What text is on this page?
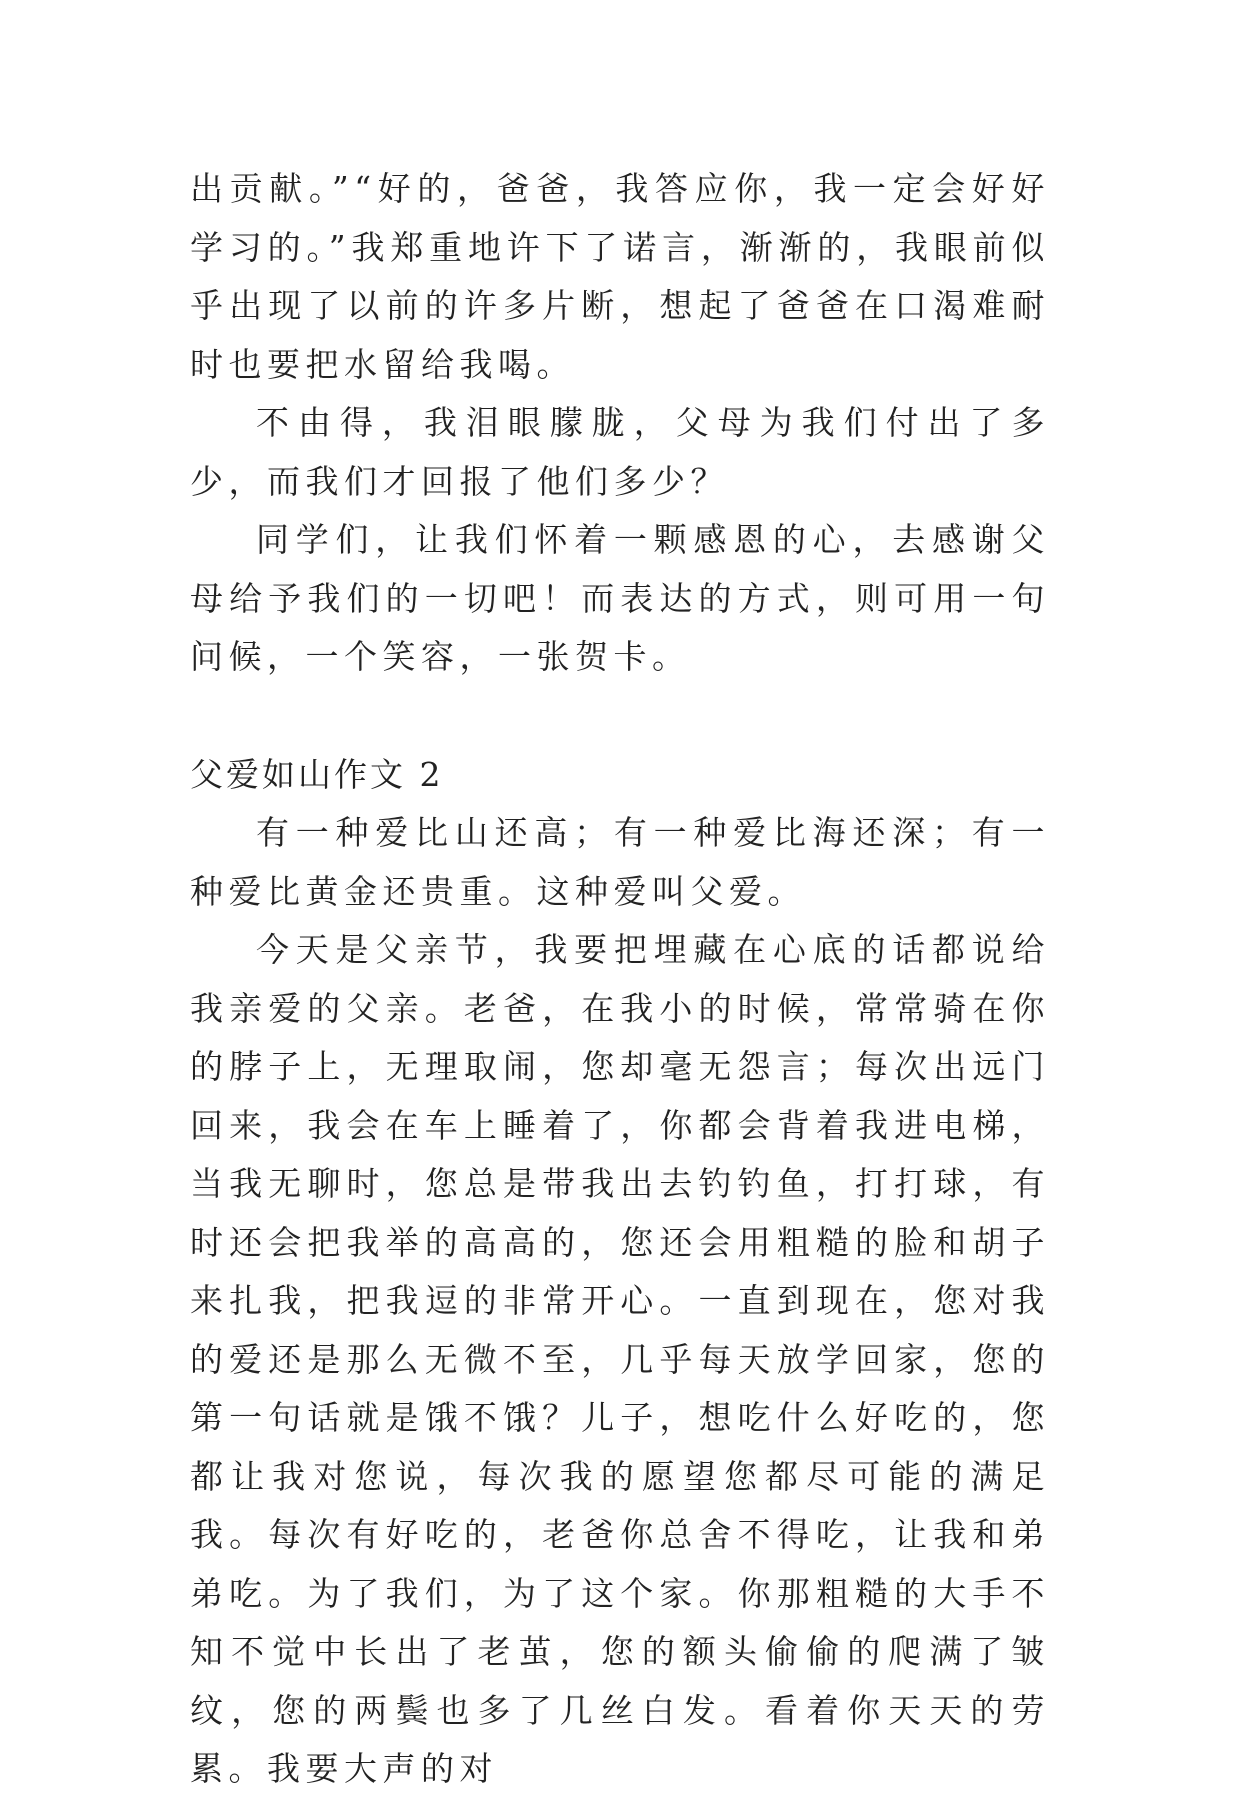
出贡献。”“好的，爸爸，我答应你，我一定会好好学习的。”我郑重地许下了诺言，渐渐的，我眼前似乎出现了以前的许多片断，想起了爸爸在口渴难耐时也要把水留给我喝。

不由得，我泪眼朦胧，父母为我们付出了多少，而我们才回报了他们多少？

同学们，让我们怀着一颗感恩的心，去感谢父母给予我们的一切吧！而表达的方式，则可用一句问候，一个笑容，一张贺卡。

父爱如山作文 2

有一种爱比山还高；有一种爱比海还深；有一种爱比黄金还贵重。这种爱叫父爱。

今天是父亲节，我要把埋藏在心底的话都说给我亲爱的父亲。老爸，在我小的时候，常常骑在你的脖子上，无理取闹，您却毫无怨言；每次出远门回来，我会在车上睡着了，你都会背着我进电梯，当我无聊时，您总是带我出去钓钓鱼，打打球，有时还会把我举的高高的，您还会用粗糙的脸和胡子来扎我，把我逗的非常开心。一直到现在，您对我的爱还是那么无微不至，几乎每天放学回家，您的第一句话就是饿不饿？儿子，想吃什么好吃的，您都让我对您说，每次我的愿望您都尽可能的满足我。每次有好吃的，老爸你总舍不得吃，让我和弟弟吃。为了我们，为了这个家。你那粗糙的大手不知不觉中长出了老茧，您的额头偷偷的爬满了皱纹，您的两鬓也多了几丝白发。看着你天天的劳累。我要大声的对
